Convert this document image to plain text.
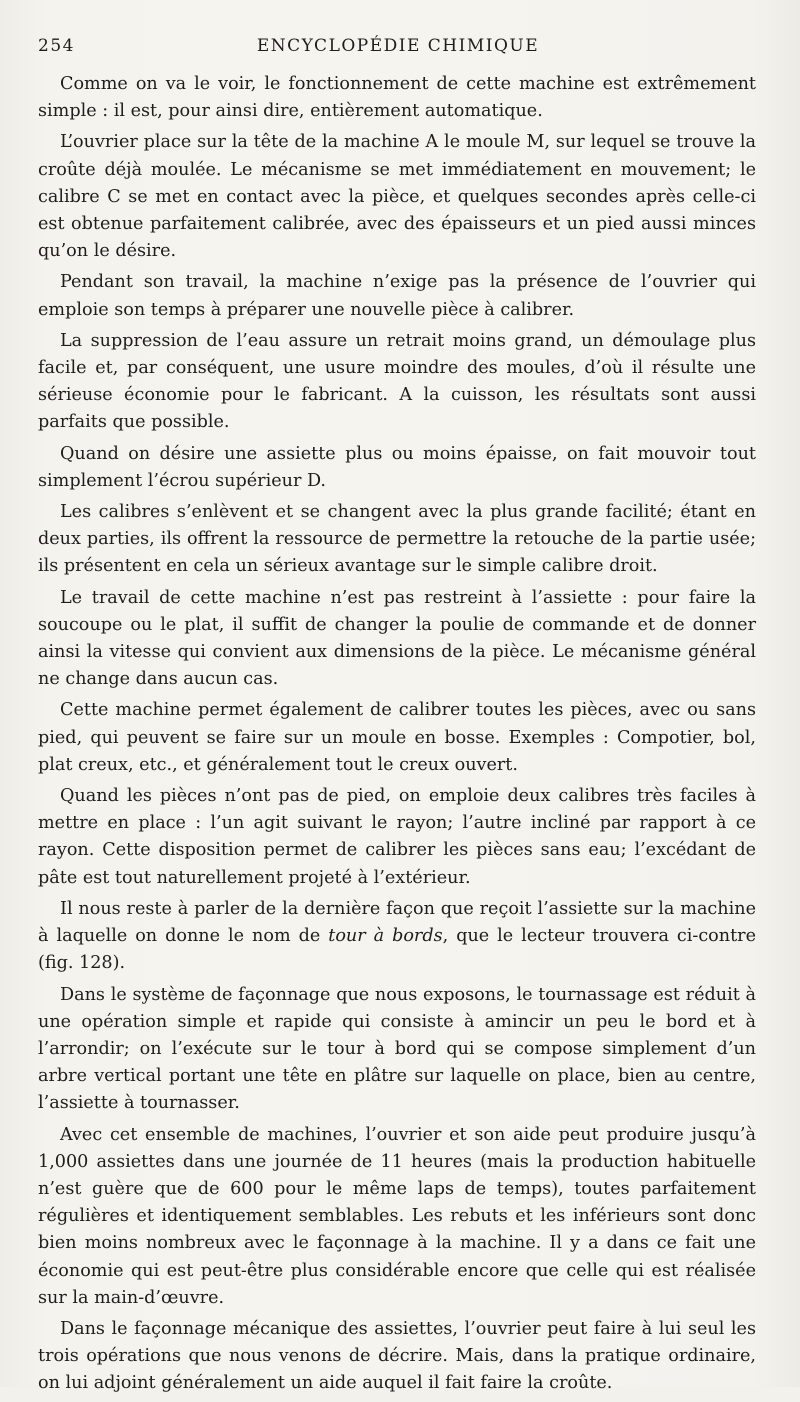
254	ENCYCLOPÉDIE CHIMIQUE

Comme on va le voir, le fonctionnement de cette machine est extrêmement simple : il est, pour ainsi dire, entièrement automatique.

L’ouvrier place sur la tête de la machine A le moule M, sur lequel se trouve la croûte déjà moulée. Le mécanisme se met immédiatement en mouvement; le calibre C se met en contact avec la pièce, et quelques secondes après celle-ci est obtenue parfaitement calibrée, avec des épaisseurs et un pied aussi minces qu’on le désire.

Pendant son travail, la machine n’exige pas la présence de l’ouvrier qui emploie son temps à préparer une nouvelle pièce à calibrer.

La suppression de l’eau assure un retrait moins grand, un démoulage plus facile et, par conséquent, une usure moindre des moules, d’où il résulte une sérieuse économie pour le fabricant. A la cuisson, les résultats sont aussi parfaits que possible.

Quand on désire une assiette plus ou moins épaisse, on fait mouvoir tout simplement l’écrou supérieur D.

Les calibres s’enlèvent et se changent avec la plus grande facilité; étant en deux parties, ils offrent la ressource de permettre la retouche de la partie usée; ils présentent en cela un sérieux avantage sur le simple calibre droit.

Le travail de cette machine n’est pas restreint à l’assiette : pour faire la soucoupe ou le plat, il suffit de changer la poulie de commande et de donner ainsi la vitesse qui convient aux dimensions de la pièce. Le mécanisme général ne change dans aucun cas.

Cette machine permet également de calibrer toutes les pièces, avec ou sans pied, qui peuvent se faire sur un moule en bosse. Exemples : Compotier, bol, plat creux, etc., et généralement tout le creux ouvert.

Quand les pièces n’ont pas de pied, on emploie deux calibres très faciles à mettre en place : l’un agit suivant le rayon; l’autre incliné par rapport à ce rayon. Cette disposition permet de calibrer les pièces sans eau; l’excédant de pâte est tout naturellement projeté à l’extérieur.

Il nous reste à parler de la dernière façon que reçoit l’assiette sur la machine à laquelle on donne le nom de tour à bords, que le lecteur trouvera ci-contre (fig. 128).

Dans le système de façonnage que nous exposons, le tournassage est réduit à une opération simple et rapide qui consiste à amincir un peu le bord et à l’arrondir; on l’exécute sur le tour à bord qui se compose simplement d’un arbre vertical portant une tête en plâtre sur laquelle on place, bien au centre, l’assiette à tournasser.

Avec cet ensemble de machines, l’ouvrier et son aide peut produire jusqu’à 1,000 assiettes dans une journée de 11 heures (mais la production habituelle n’est guère que de 600 pour le même laps de temps), toutes parfaitement régulières et identiquement semblables. Les rebuts et les inférieurs sont donc bien moins nombreux avec le façonnage à la machine. Il y a dans ce fait une économie qui est peut-être plus considérable encore que celle qui est réalisée sur la main-d’œuvre.

Dans le façonnage mécanique des assiettes, l’ouvrier peut faire à lui seul les trois opérations que nous venons de décrire. Mais, dans la pratique ordinaire, on lui adjoint généralement un aide auquel il fait faire la croûte.
